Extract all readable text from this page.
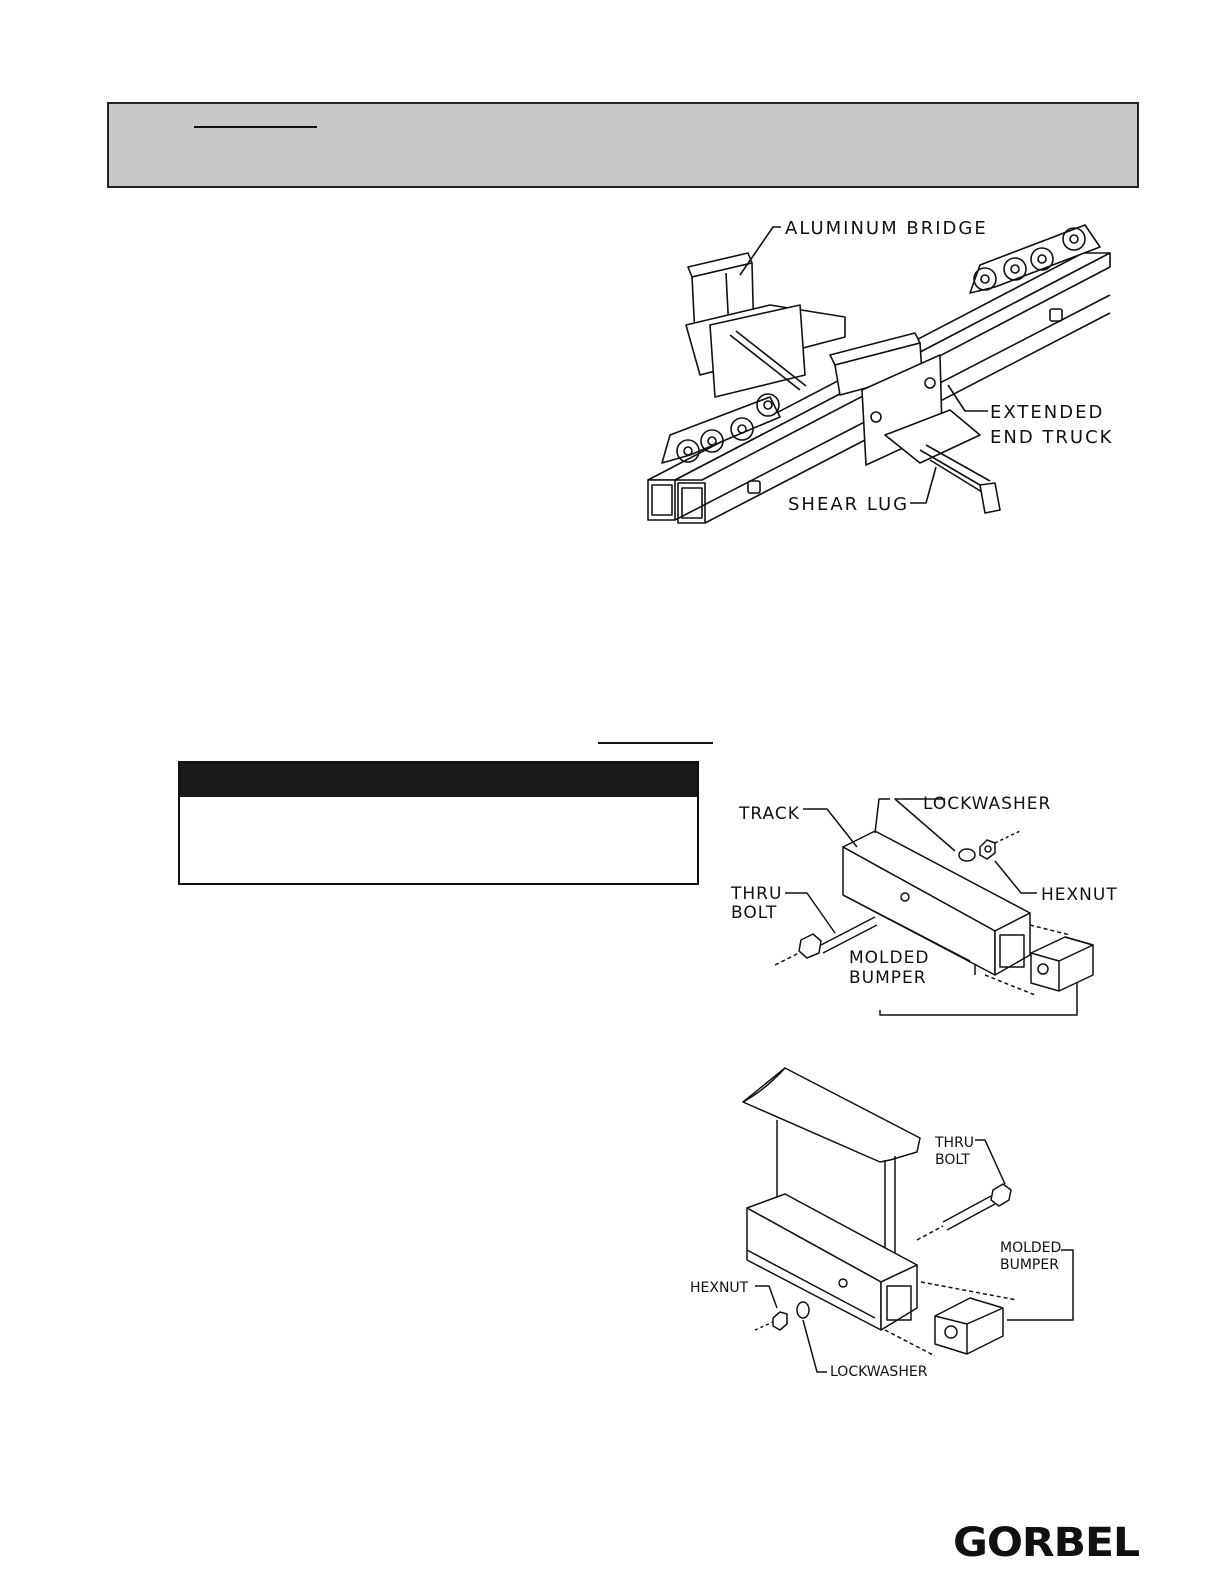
ALUMINUM BRIDGE
EXTENDED
END TRUCK
SHEAR LUG
TRACK	LOCKWASHER
HEXNUT
THRU
BOLT
MOLDED
BUMPER
THRU
BOLT
MOLDED
BUMPER
HEXNUT
LOCKWASHER
GORBEL
